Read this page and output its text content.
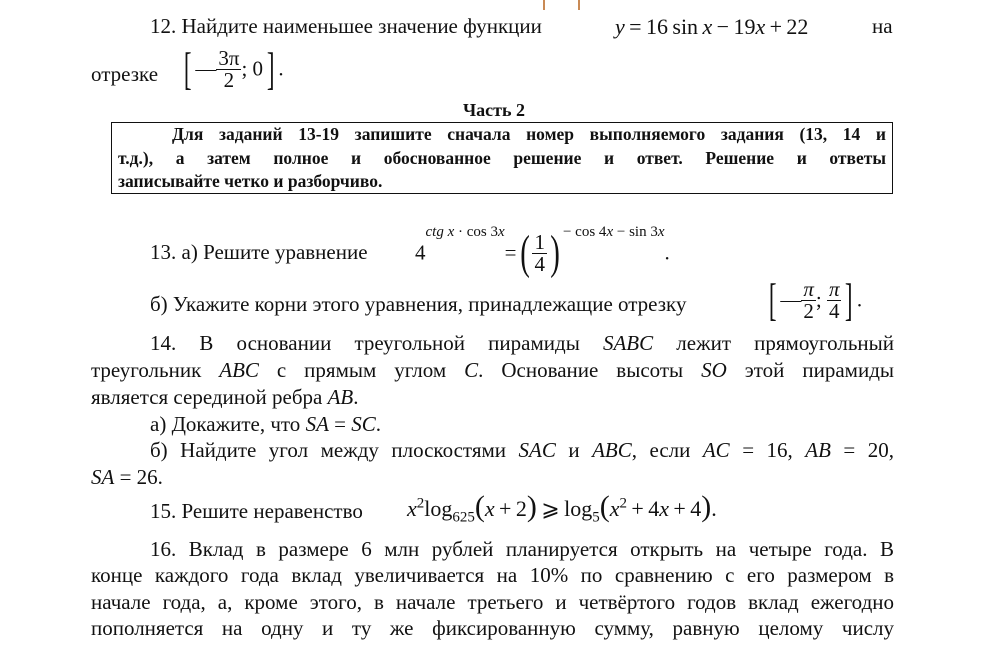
12. Найдите наименьшее значение функции	y = 16 sin x − 19x + 22	на
отрезке [ — $\frac{3\pi}{2}$ ; 0] .
Часть 2

Для заданий 13-19 запишите сначала номер выполняемого задания (13, 14 и

т.д.), а затем полное и обоснованное решение и ответ. Решение и ответы

записывайте четко и разборчиво.

13. а) Решите уравнение $4^{ctg x \cdot cos 3x}=( \frac{1}{4}$ ) $^{- cos 4x - sin 3x}$.
б) Укажите корни этого уравнения, принадлежащие отрезку [ — $\frac{\pi}{2}$ ; $\frac{\pi}{4}$ ] .
14. В основании треугольной пирамиды SABC лежит прямоугольный
треугольник ABC с прямым углом C. Основание высоты SO этой пирамиды
является серединой ребра AB.
а) Докажите, что SA = SC.
б) Найдите угол между плоскостями SAC и ABC, если AC = 16, AB = 20,
SA = 26.
15. Решите неравенство $x^2\log_{625}(x + 2)$ ⩾ $\log_5(x^2 + 4x + 4)$.
16. Вклад в размере 6 млн рублей планируется открыть на четыре года. В
конце каждого года вклад увеличивается на 10% по сравнению с его размером в
начале года, а, кроме этого, в начале третьего и четвёртого годов вклад ежегодно
пополняется на одну и ту же фиксированную сумму, равную целому числу
